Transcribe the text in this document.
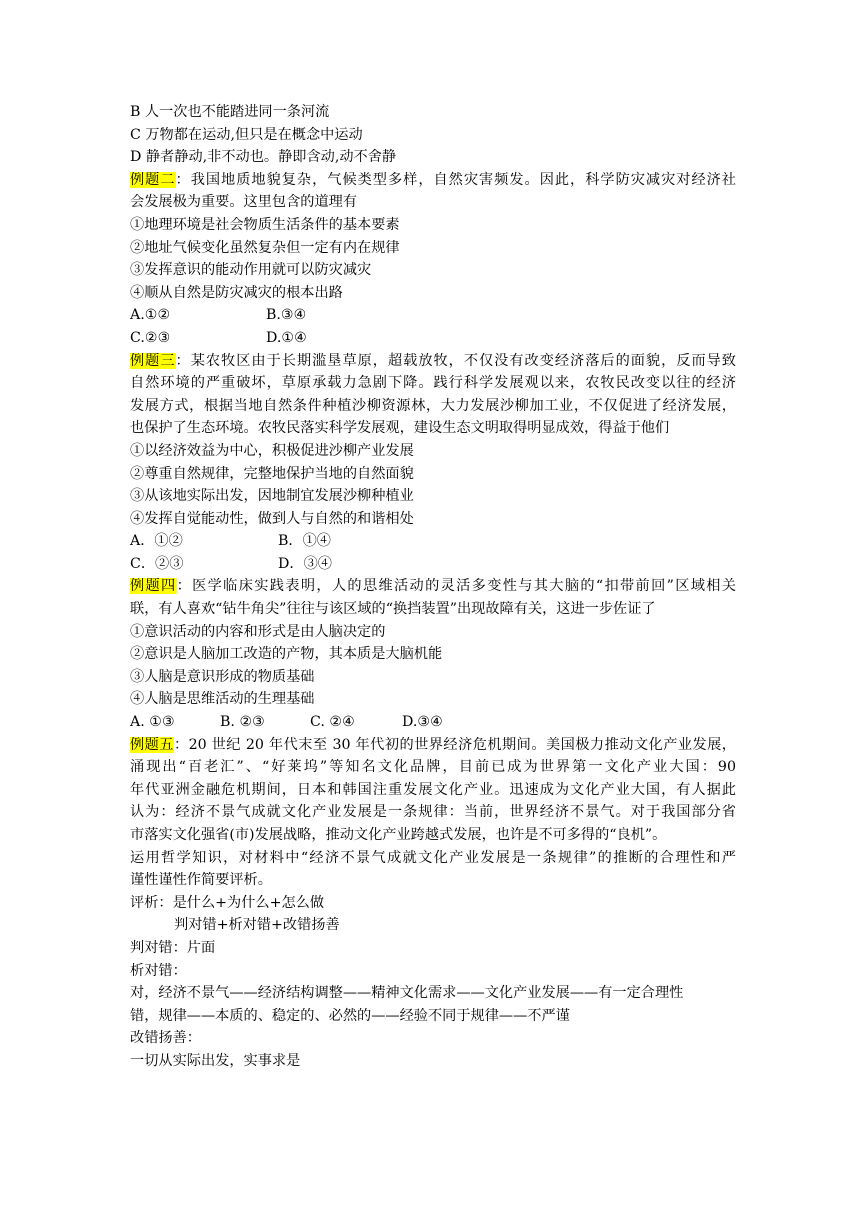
B 人一次也不能踏进同一条河流
C 万物都在运动,但只是在概念中运动
D 静者静动,非不动也。静即含动,动不舍静
例题二：我国地质地貌复杂，气候类型多样，自然灾害频发。因此，科学防灾减灾对经济社
会发展极为重要。这里包含的道理有
①地理环境是社会物质生活条件的基本要素
②地址气候变化虽然复杂但一定有内在规律
③发挥意识的能动作用就可以防灾减灾
④顺从自然是防灾减灾的根本出路
A.①②	B.③④
C.②③	D.①④
例题三：某农牧区由于长期滥垦草原，超载放牧，不仅没有改变经济落后的面貌，反而导致
自然环境的严重破坏，草原承载力急剧下降。践行科学发展观以来，农牧民改变以往的经济
发展方式，根据当地自然条件种植沙柳资源林，大力发展沙柳加工业，不仅促进了经济发展，
也保护了生态环境。农牧民落实科学发展观，建设生态文明取得明显成效，得益于他们
①以经济效益为中心，积极促进沙柳产业发展
②尊重自然规律，完整地保护当地的自然面貌
③从该地实际出发，因地制宜发展沙柳种植业
④发挥自觉能动性，做到人与自然的和谐相处
A．①②	B．①④
C．②③	D．③④
例题四：医学临床实践表明，人的思维活动的灵活多变性与其大脑的“扣带前回”区域相关
联，有人喜欢“钻牛角尖”往往与该区域的“换挡装置”出现故障有关，这进一步佐证了
①意识活动的内容和形式是由人脑决定的
②意识是人脑加工改造的产物，其本质是大脑机能
③人脑是意识形成的物质基础
④人脑是思维活动的生理基础
A. ①③	B. ②③	C. ②④	D.③④
例题五：20 世纪 20 年代末至 30 年代初的世界经济危机期间。美国极力推动文化产业发展，
涌现出“百老汇”、“好莱坞”等知名文化品牌，目前已成为世界第一文化产业大国：90
年代亚洲金融危机期间，日本和韩国注重发展文化产业。迅速成为文化产业大国，有人据此
认为：经济不景气成就文化产业发展是一条规律：当前，世界经济不景气。对于我国部分省
市落实文化强省(市)发展战略，推动文化产业跨越式发展，也许是不可多得的“良机”。
运用哲学知识，对材料中“经济不景气成就文化产业发展是一条规律”的推断的合理性和严
谨性谨性作简要评析。
评析：是什么+为什么+怎么做
判对错+析对错+改错扬善
判对错：片面
析对错：
对，经济不景气——经济结构调整——精神文化需求——文化产业发展——有一定合理性
错，规律——本质的、稳定的、必然的——经验不同于规律——不严谨
改错扬善：
一切从实际出发，实事求是
